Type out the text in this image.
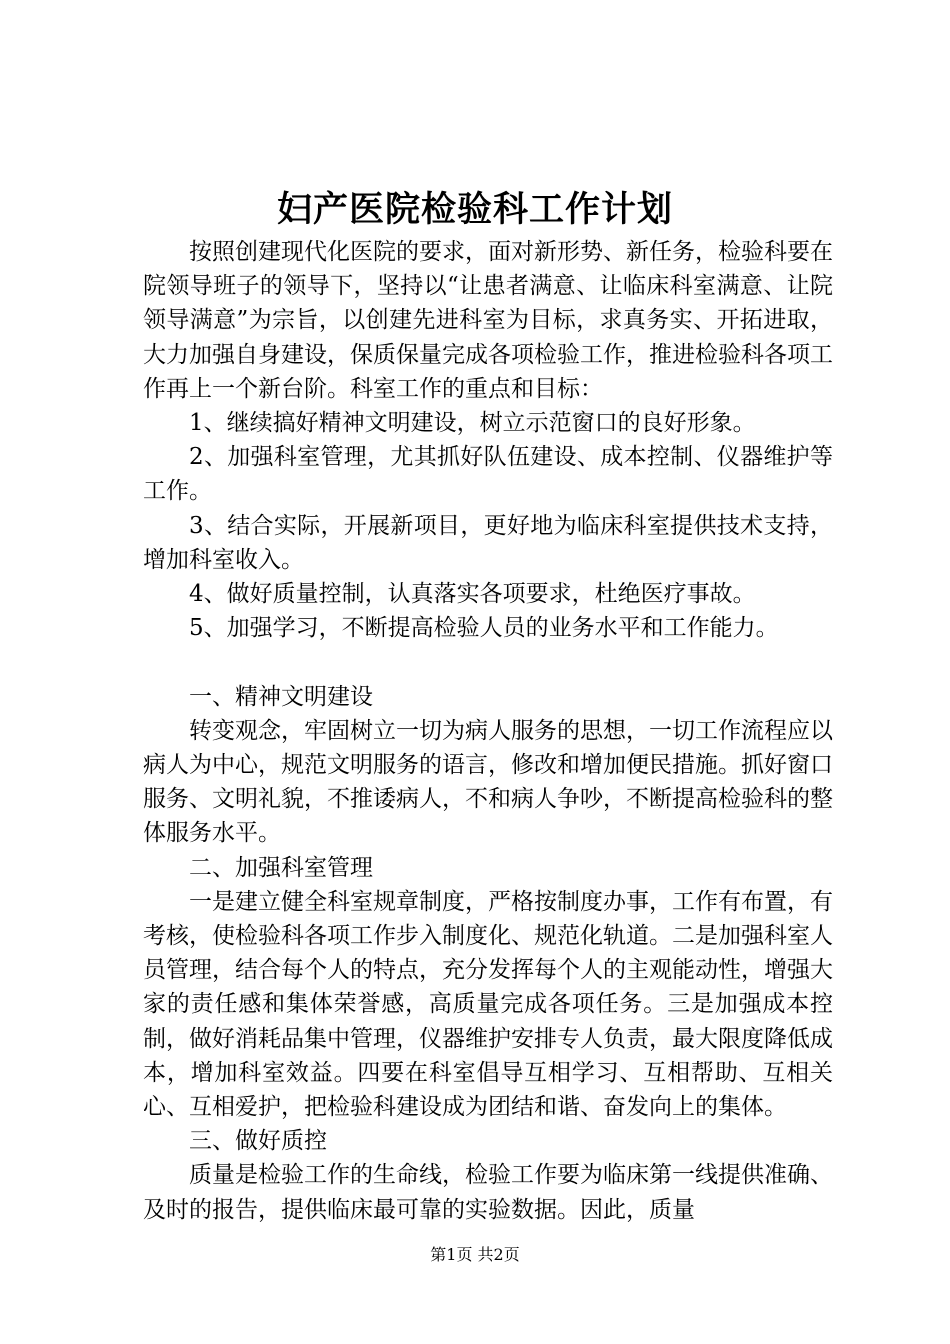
妇产医院检验科工作计划

按照创建现代化医院的要求，面对新形势、新任务，检验科要在院领导班子的领导下，坚持以“让患者满意、让临床科室满意、让院领导满意”为宗旨，以创建先进科室为目标，求真务实、开拓进取，大力加强自身建设，保质保量完成各项检验工作，推进检验科各项工作再上一个新台阶。科室工作的重点和目标：

1、继续搞好精神文明建设，树立示范窗口的良好形象。

2、加强科室管理，尤其抓好队伍建设、成本控制、仪器维护等工作。

3、结合实际，开展新项目，更好地为临床科室提供技术支持，增加科室收入。

4、做好质量控制，认真落实各项要求，杜绝医疗事故。

5、加强学习，不断提高检验人员的业务水平和工作能力。

一、精神文明建设

转变观念，牢固树立一切为病人服务的思想，一切工作流程应以病人为中心，规范文明服务的语言，修改和增加便民措施。抓好窗口服务、文明礼貌，不推诿病人，不和病人争吵，不断提高检验科的整体服务水平。

二、加强科室管理

一是建立健全科室规章制度，严格按制度办事，工作有布置，有考核，使检验科各项工作步入制度化、规范化轨道。二是加强科室人员管理，结合每个人的特点，充分发挥每个人的主观能动性，增强大家的责任感和集体荣誉感，高质量完成各项任务。三是加强成本控制，做好消耗品集中管理，仪器维护安排专人负责，最大限度降低成本，增加科室效益。四要在科室倡导互相学习、互相帮助、互相关心、互相爱护，把检验科建设成为团结和谐、奋发向上的集体。

三、做好质控

质量是检验工作的生命线，检验工作要为临床第一线提供准确、及时的报告，提供临床最可靠的实验数据。因此，质量

第1页 共2页
